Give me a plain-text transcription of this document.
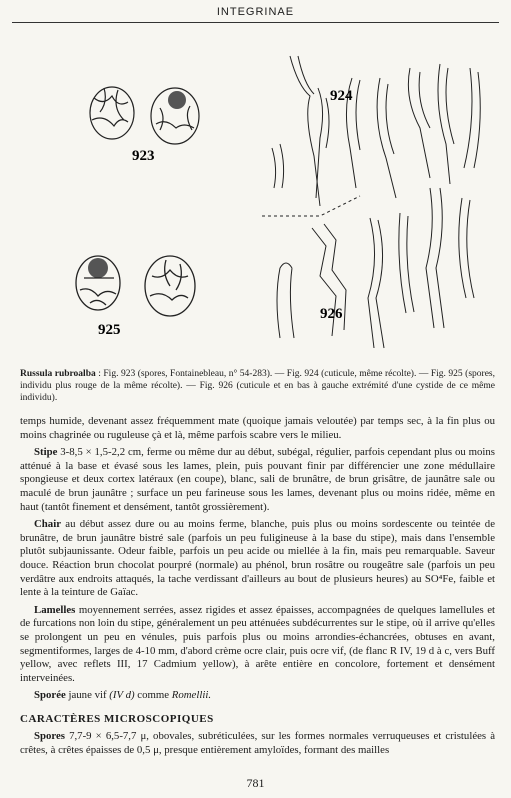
INTEGRINAE
923
925
924
926
Russula rubroalba : Fig. 923 (spores, Fontainebleau, n° 54-283). — Fig. 924 (cuticule, même récolte). — Fig. 925 (spores, individu plus rouge de la même récolte). — Fig. 926 (cuticule et en bas à gauche extrémité d'une cystide de ce même individu).

temps humide, devenant assez fréquemment mate (quoique jamais veloutée) par temps sec, à la fin plus ou moins chagrinée ou ruguleuse çà et là, même parfois scabre vers le milieu.

Stipe 3-8,5 × 1,5-2,2 cm, ferme ou même dur au début, subégal, régulier, parfois cependant plus ou moins atténué à la base et évasé sous les lames, plein, puis pouvant finir par différencier une zone médullaire spongieuse et deux cortex latéraux (en coupe), blanc, sali de brunâtre, de brun grisâtre, de jaunâtre sale ou maculé de brun jaunâtre ; surface un peu farineuse sous les lames, devenant plus ou moins ridée, même en haut (tantôt finement et densément, tantôt grossièrement).

Chair au début assez dure ou au moins ferme, blanche, puis plus ou moins sordescente ou teintée de brunâtre, de brun jaunâtre bistré sale (parfois un peu fuligineuse à la base du stipe), mais dans l'ensemble plutôt subjaunissante. Odeur faible, parfois un peu acide ou miellée à la fin, mais peu remarquable. Saveur douce. Réaction brun chocolat pourpré (normale) au phénol, brun rosâtre ou rougeâtre sale (parfois un peu verdâtre aux endroits attaqués, la tache verdissant d'ailleurs au bout de plusieurs heures) au SO⁴Fe, faible et lente à la teinture de Gaïac.

Lamelles moyennement serrées, assez rigides et assez épaisses, accompagnées de quelques lamellules et de furcations non loin du stipe, généralement un peu atténuées subdécurrentes sur le stipe, où il arrive qu'elles se prolongent un peu en vénules, puis parfois plus ou moins arrondies-échancrées, obtuses en avant, segmentiformes, larges de 4-10 mm, d'abord crème ocre clair, puis ocre vif, (de flanc R IV, 19 d à c, vers Buff yellow, avec reflets III, 17 Cadmium yellow), à arête entière en concolore, fortement et densément interveinées.

Sporée jaune vif (IV d) comme Romellii.

CARACTÈRES MICROSCOPIQUES

Spores 7,7-9 × 6,5-7,7 μ, obovales, subréticulées, sur les formes normales verruqueuses et cristulées à crêtes, à crêtes épaisses de 0,5 μ, presque entièrement amyloïdes, formant des mailles

781
